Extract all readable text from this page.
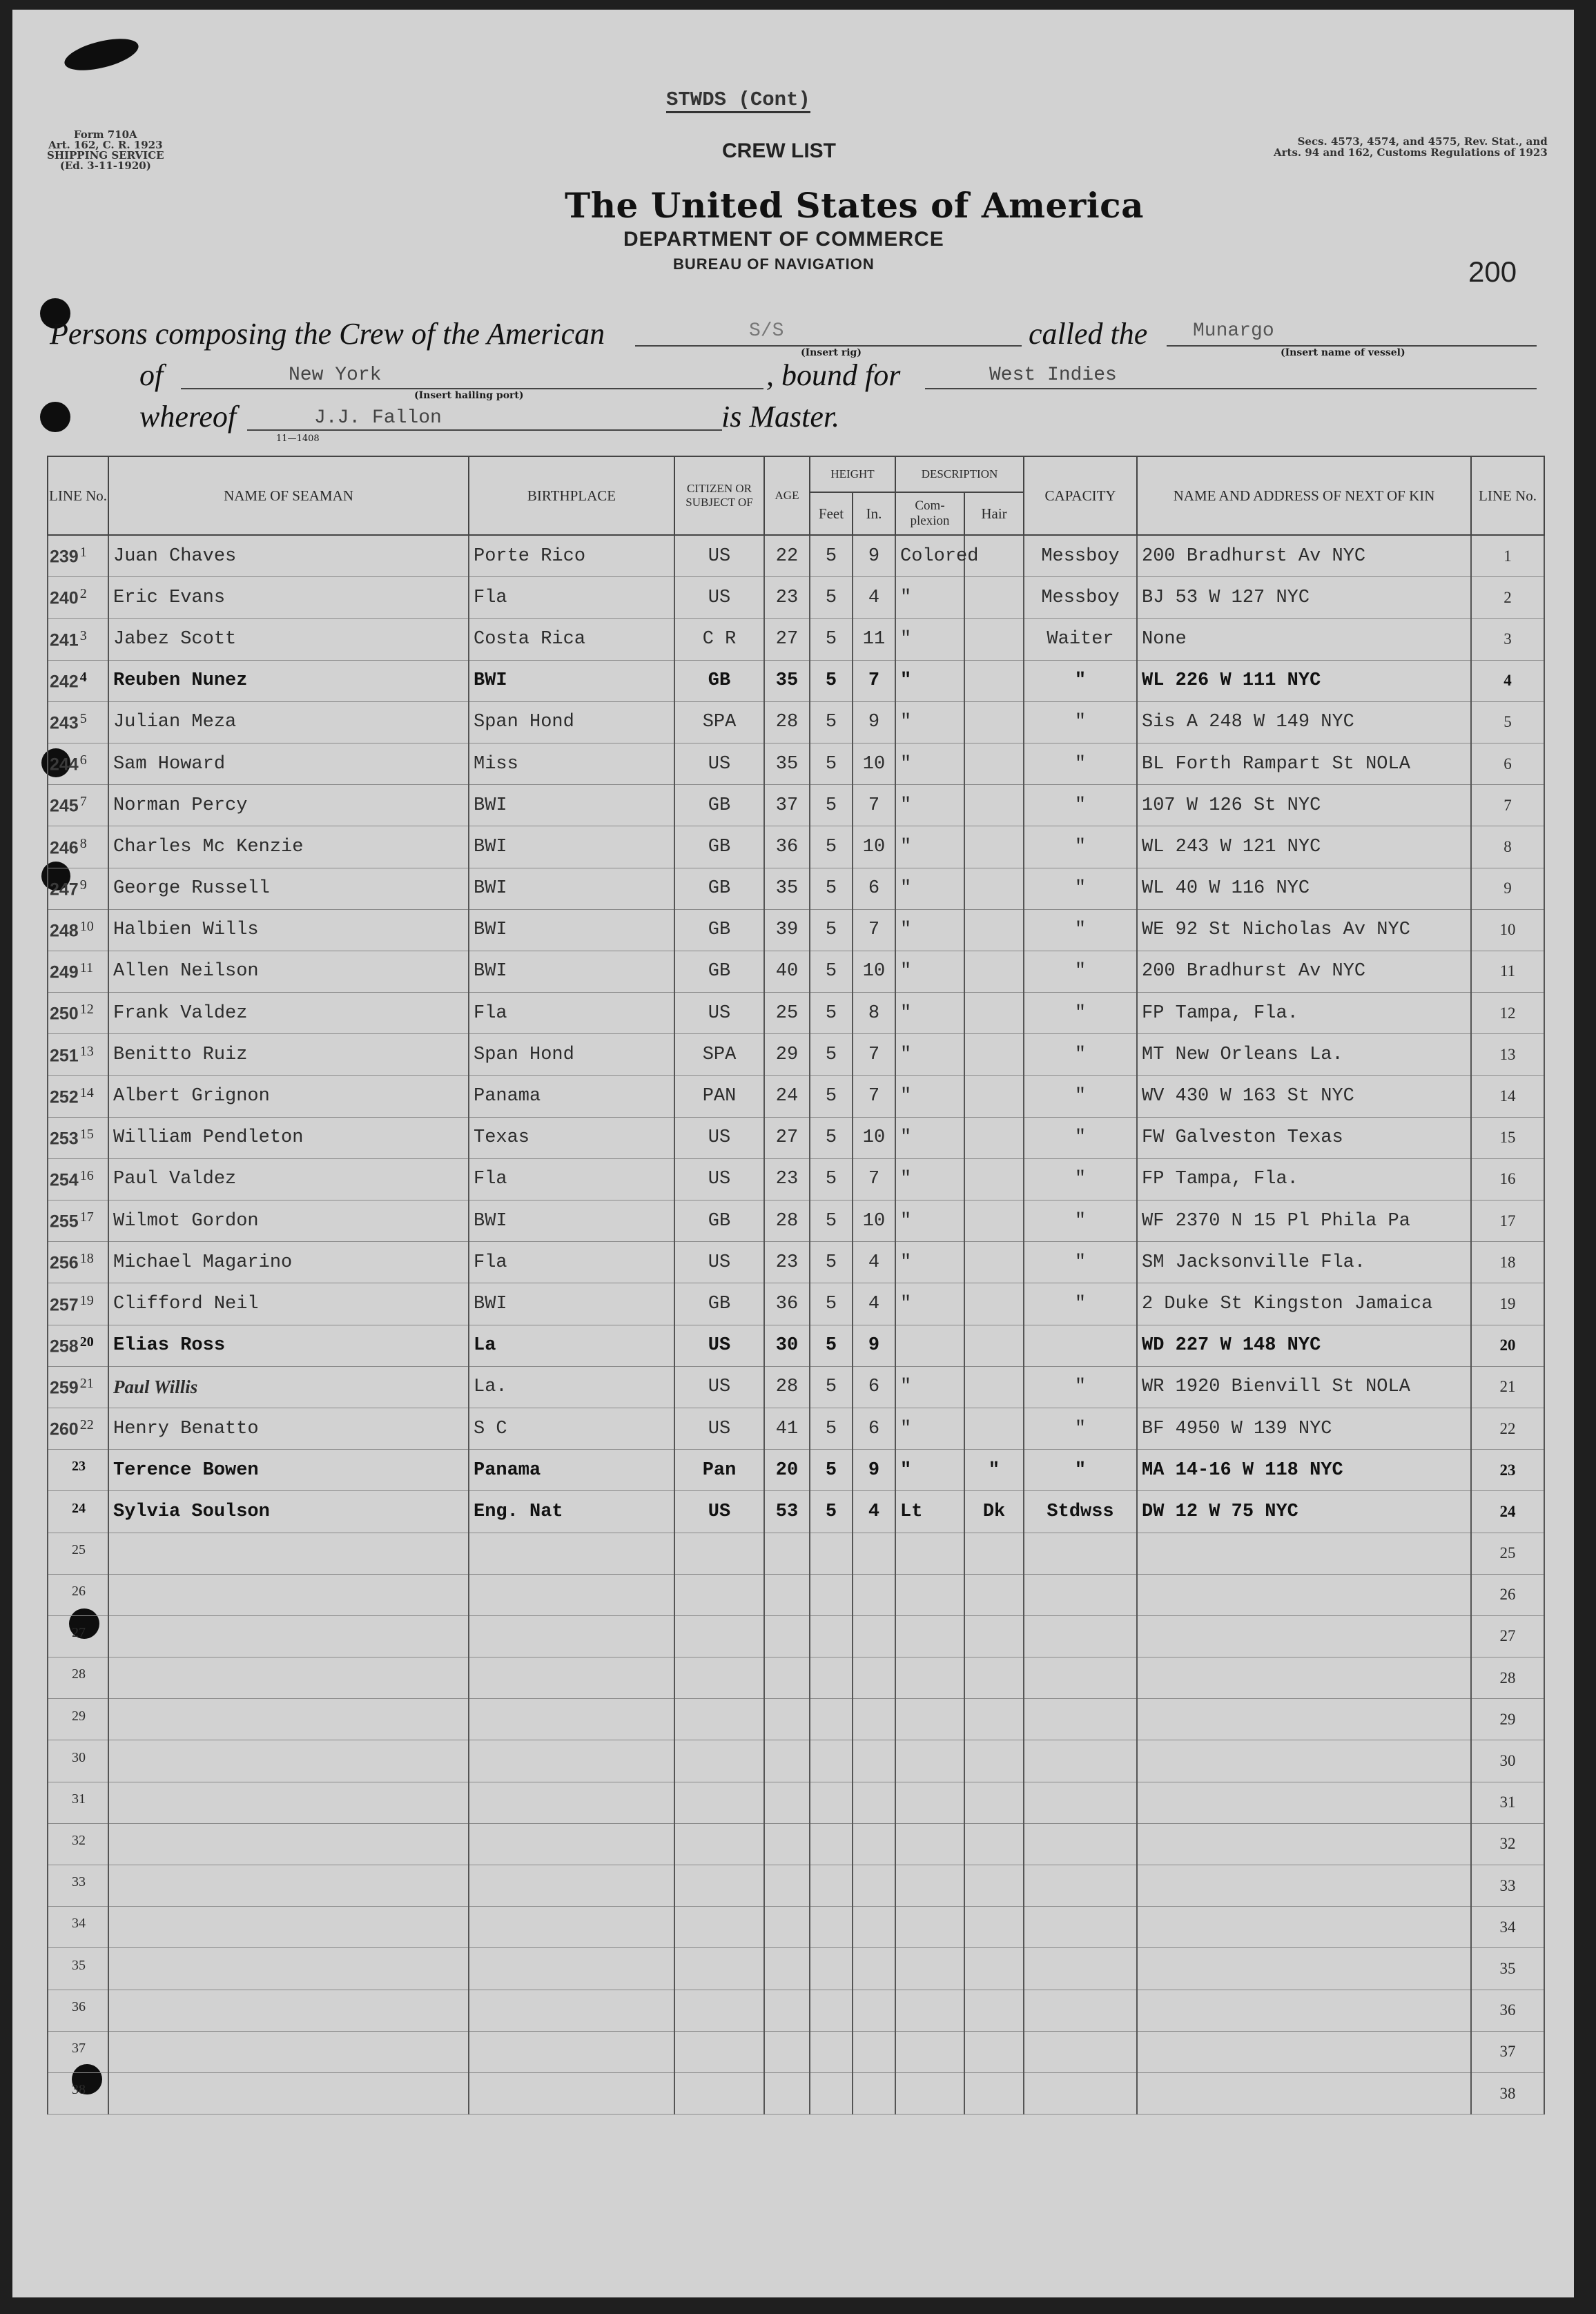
STWDS (Cont)
Form 710A
Art. 162, C. R. 1923
SHIPPING SERVICE
(Ed. 3-11-1920)
Secs. 4573, 4574, and 4575, Rev. Stat., and
Arts. 94 and 162, Customs Regulations of 1923
CREW LIST
The United States of America
DEPARTMENT OF COMMERCE
BUREAU OF NAVIGATION	200
Persons composing the Crew of the American	S/S
(Insert rig)
called the Munargo
(Insert name of vessel)
of	New York
(Insert hailing port)
, bound for	West Indies
whereof	J.J. Fallon
11—1408
is Master.
LINE No.	NAME OF SEAMAN	BIRTHPLACE	CITIZEN OR SUBJECT OF	AGE	HEIGHT		DESCRIPTION		CAPACITY	NAME AND ADDRESS OF NEXT OF KIN	LINE No.
					Feet	In.	Com-plexion	Hair			
239 1	Juan Chaves	Porte Rico	US	22	5	9	Colored		Messboy	200 Bradhurst Av NYC	1
240 2	Eric Evans	Fla	US	23	5	4	"		Messboy	BJ 53 W 127 NYC	2
241 3	Jabez Scott	Costa Rica	C R	27	5	11	"		Waiter	None	3
242 4	Reuben Nunez	BWI	GB	35	5	7	"		"	WL 226 W 111 NYC	4
243 5	Julian Meza	Span Hond	SPA	28	5	9	"		"	Sis A 248 W 149 NYC	5
244 6	Sam Howard	Miss	US	35	5	10	"		"	BL Forth Rampart St NOLA	6
245 7	Norman Percy	BWI	GB	37	5	7	"		"	107 W 126 St NYC	7
246 8	Charles Mc Kenzie	BWI	GB	36	5	10	"		"	WL 243 W 121 NYC	8
247 9	George Russell	BWI	GB	35	5	6	"		"	WL 40 W 116 NYC	9
248 10	Halbien Wills	BWI	GB	39	5	7	"		"	WE 92 St Nicholas Av NYC	10
249 11	Allen Neilson	BWI	GB	40	5	10	"		"	200 Bradhurst Av NYC	11
250 12	Frank Valdez	Fla	US	25	5	8	"		"	FP Tampa, Fla.	12
251 13	Benitto Ruiz	Span Hond	SPA	29	5	7	"		"	MT New Orleans La.	13
252 14	Albert Grignon	Panama	PAN	24	5	7	"		"	WV 430 W 163 St NYC	14
253 15	William Pendleton	Texas	US	27	5	10	"		"	FW Galveston Texas	15
254 16	Paul Valdez	Fla	US	23	5	7	"		"	FP Tampa, Fla.	16
255 17	Wilmot Gordon	BWI	GB	28	5	10	"		"	WF 2370 N 15 Pl Phila Pa	17
256 18	Michael Magarino	Fla	US	23	5	4	"		"	SM Jacksonville Fla.	18
257 19	Clifford Neil	BWI	GB	36	5	4	"		"	2 Duke St Kingston Jamaica	19
258 20	Elias Ross	La	US	30	5	9				WD 227 W 148 NYC	20
259 21	Paul Willis	La.	US	28	5	6	"		"	WR 1920 Bienvill St NOLA	21
260 22	Henry Benatto	S C	US	41	5	6	"		"	BF 4950 W 139 NYC	22
23	Terence Bowen	Panama	Pan	20	5	9	"	"	"	MA 14-16 W 118 NYC	23
24	Sylvia Soulson	Eng. Nat	US	53	5	4	Lt	Dk	Stdwss	DW 12 W 75 NYC	24
25											25
26											26
27											27
28											28
29											29
30											30
31											31
32											32
33											33
34											34
35											35
36											36
37											37
38											38
